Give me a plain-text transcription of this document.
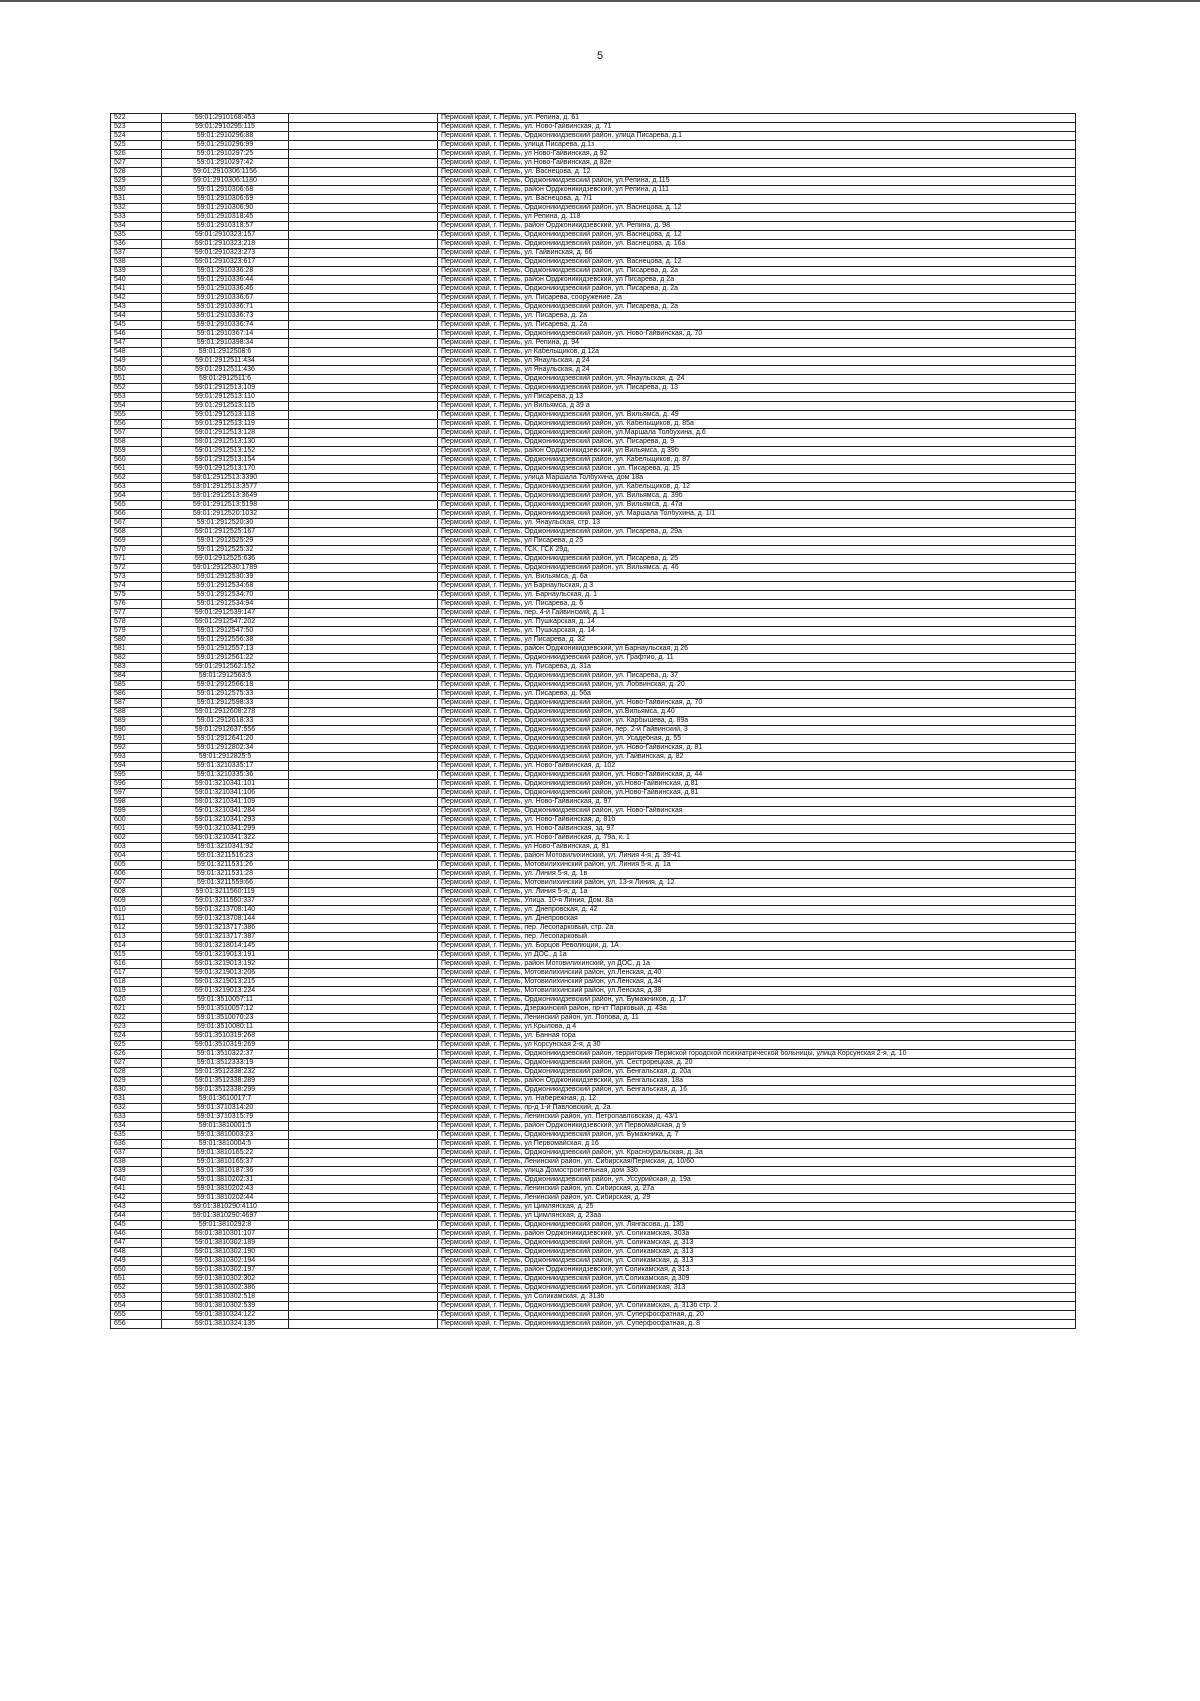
5
522	59:01:2910168:453		Пермский край, г. Пермь, ул. Репина, д. 61
523	59:01:2910295:115		Пермский край, г. Пермь, ул. Ново-Гайвинская, д. 71
524	59:01:2910296:88		Пермский край, г. Пермь, Орджоникидзевский район, улица Писарева, д.1
525	59:01:2910296:99		Пермский край, г. Пермь, улица Писарева, д.1з
526	59:01:2910297:25		Пермский край, г. Пермь, ул Ново-Гайвинская, д 92
527	59:01:2910297:42		Пермский край, г. Пермь, ул Ново-Гайвинская, д 82е
528	59:01:2910306:1156		Пермский край, г. Пермь, ул. Васнецова, д. 12
529	59:01:2910306:1180		Пермский край, г. Пермь, Орджоникидзевский район, ул.Репина, д.115
530	59:01:2910306:68		Пермский край, г. Пермь, район Орджоникидзевский, ул Репина, д 111
531	59:01:2910306:69		Пермский край, г. Пермь, ул. Васнецова, д. 7/1
532	59:01:2910306:90		Пермский край, г. Пермь, Орджоникидзевский район, ул. Васнецова, д. 12
533	59:01:2910318:45		Пермский край, г. Пермь, ул Репина, д. 118
534	59:01:2910318:57		Пермский край, г. Пермь, район Орджоникидзевский, ул. Репина, д. 98
535	59:01:2910323:157		Пермский край, г. Пермь, Орджоникидзевский район, ул. Васнецова, д. 12
536	59:01:2910323:218		Пермский край, г. Пермь, Орджоникидзевский район, ул. Васнецова, д. 16а
537	59:01:2910323:273		Пермский край, г. Пермь, ул. Гайвинская, д. 66
538	59:01:2910323:617		Пермский край, г. Пермь, Орджоникидзевский район, ул. Васнецова, д. 12
539	59:01:2910336:28		Пермский край, г. Пермь, Орджоникидзевский район, ул. Писарева, д. 2а
540	59:01:2910336:44		Пермский край, г. Пермь, район Орджоникидзевский, ул Писарева, д 2а
541	59:01:2910336:46		Пермский край, г. Пермь, Орджоникидзевский район, ул. Писарева, д. 2а
542	59:01:2910336:67		Пермский край, г. Пермь, ул. Писарева, сооружение. 2а
543	59:01:2910336:71		Пермский край, г. Пермь, Орджоникидзевский район, ул. Писарева, д. 2а
544	59:01:2910336:73		Пермский край, г. Пермь, ул. Писарева, д. 2а
545	59:01:2910336:74		Пермский край, г. Пермь, ул. Писарева, д. 2а
546	59:01:2910367:14		Пермский край, г. Пермь, Орджоникидзевский район, ул. Ново-Гайвинская, д. 70
547	59:01:2910398:34		Пермский край, г. Пермь, ул. Репина, д. 94
548	59:01:2912508:6		Пермский край, г. Пермь, ул Кабельщиков, д 12а
549	59:01:2912511:434		Пермский край, г. Пермь, ул Янаульская, д 24
550	59:01:2912511:436		Пермский край, г. Пермь, ул Янаульская, д 24
551	59:01:2912511:6		Пермский край, г. Пермь, Орджоникидзевский район, ул. Янаульская, д. 24
552	59:01:2912513:109		Пермский край, г. Пермь, Орджоникидзевский район, ул. Писарева, д. 13
553	59:01:2912513:110		Пермский край, г. Пермь, ул Писарева, д 13
554	59:01:2912513:115		Пермский край, г. Пермь, ул Вильямса, д 39 а
555	59:01:2912513:118		Пермский край, г. Пермь, Орджоникидзевский район, ул. Вильямса, д. 49
556	59:01:2912513:119		Пермский край, г. Пермь, Орджоникидзевский район, ул. Кабельщиков, д. 85а
557	59:01:2912513:128		Пермский край, г. Пермь, Орджоникидзевский район, ул.Маршала Толбухина, д.6
558	59:01:2912513:130		Пермский край, г. Пермь, Орджоникидзевский район, ул. Писарева, д. 9
559	59:01:2912513:152		Пермский край, г. Пермь, район Орджоникидзевский, ул Вильямса, д 39б
560	59:01:2912513:154		Пермский край, г. Пермь, Орджоникидзевский район, ул. Кабельщиков, д. 87
561	59:01:2912513:170		Пермский край, г. Пермь, Орджоникидзевский район , ул. Писарева, д. 15
562	59:01:2912513:3390		Пермский край, г. Пермь, улица Маршала Толбухина, дом 18а
563	59:01:2912513:3577		Пермский край, г. Пермь, Орджоникидзевский район, ул. Кабельщиков, д. 12
564	59:01:2912513:3649		Пермский край, г. Пермь, Орджоникидзевский район, ул. Вильямса, д. 39б
565	59:01:2912513:5198		Пермский край, г. Пермь, Орджоникидзевский район, ул. Вильямса, д. 47а
566	59:01:2912520:1032		Пермский край, г. Пермь, Орджоникидзевский район, ул. Маршала Толбухина, д. 1/1
567	59:01:2912520:30		Пермский край, г. Пермь, ул. Янаульская, стр. 13
568	59:01:2912525:167		Пермский край, г. Пермь, Орджоникидзевский район, ул. Писарева, д. 29а
569	59:01:2912525:29		Пермский край, г. Пермь, ул Писарева, д 25
570	59:01:2912525:32		Пермский край, г. Пермь, ГСК, ГСК 29д,
571	59:01:2912525:636		Пермский край, г. Пермь, Орджоникидзевский район, ул. Писарева, д. 25
572	59:01:2912530:1789		Пермский край, г. Пермь, Орджоникидзевский район, ул. Вильямса, д. 46
573	59:01:2912530:39		Пермский край, г. Пермь, ул. Вильямса, д. 6а
574	59:01:2912534:68		Пермский край, г. Пермь, ул Барнаульская, д 3
575	59:01:2912534:70		Пермский край, г. Пермь, ул. Барнаульская, д. 1
576	59:01:2912534:94		Пермский край, г. Пермь, ул. Писарева, д. 6
577	59:01:2912539:147		Пермский край, г. Пермь, пер. 4-й Гайвинский, д. 1
578	59:01:2912547:202		Пермский край, г. Пермь, ул. Пушкарская, д. 14
579	59:01:2912547:50		Пермский край, г. Пермь, ул. Пушкарская, д. 14
580	59:01:2912556:38		Пермский край, г. Пермь, ул Писарева, д. 32
581	59:01:2912557:13		Пермский край, г. Пермь, район Орджоникидзевский, ул Барнаульская, д 26
582	59:01:2912561:22		Пермский край, г. Пермь, Орджоникидзевский район, ул. Графтио, д. 11
583	59:01:2912562:152		Пермский край, г. Пермь, ул. Писарева, д. 31а
584	59:01:2912563:5		Пермский край, г. Пермь, Орджоникидзевский район, ул. Писарева, д. 37
585	59:01:2912566:18		Пермский край, г. Пермь, Орджоникидзевский район, ул. Лобвинская, д. 20
586	59:01:2912575:33		Пермский край, г. Пермь, ул. Писарева, д. 56а
587	59:01:2912598:33		Пермский край, г. Пермь, Орджоникидзевский район, ул. Ново-Гайвинская, д. 70
588	59:01:2912608:278		Пермский край, г. Пермь, Орджоникидзевский район, ул.Вильямса, д.40
589	59:01:2912618:33		Пермский край, г. Пермь, Орджоникидзевский район, ул. Карбышева, д. 89а
590	59:01:2912637:556		Пермский край, г. Пермь, Орджоникидзевский район, пер. 2-й Гайвинский, 3
591	59:01:2912641:20		Пермский край, г. Пермь, Орджоникидзевский район, ул. Усадебная, д. 55
592	59:01:2912802:34		Пермский край, г. Пермь, Орджоникидзевский район, ул. Ново-Гайвинская, д. 81
593	59:01:2912825:5		Пермский край, г. Пермь, Орджоникидзевский район, ул. Гайвинская, д. 82
594	59:01:3210335:17		Пермский край, г. Пермь, ул. Ново-Гайвинская, д. 102
595	59:01:3210335:36		Пермский край, г. Пермь, Орджоникидзевский район, ул. Ново-Гайвинская, д. 44
596	59:01:3210341:101		Пермский край, г. Пермь, Орджоникидзевский район, ул.Ново-Гайвинская, д.81
597	59:01:3210341:106		Пермский край, г. Пермь, Орджоникидзевский район, ул.Ново-Гайвинская, д.81
598	59:01:3210341:109		Пермский край, г. Пермь, ул. Ново-Гайвинская, д. 97
599	59:01:3210341:284		Пермский край, г. Пермь, Орджоникидзевский район, ул. Ново-Гайвинская
600	59:01:3210341:293		Пермский край, г. Пермь, ул. Ново-Гайвинская, д. 81б
601	59:01:3210341:299		Пермский край, г. Пермь, ул. Ново-Гайвинская, зд. 97
602	59:01:3210341:322		Пермский край, г. Пермь, ул. Ново-Гайвинская, д. 79а, к. 1
603	59:01:3210341:92		Пермский край, г. Пермь, ул Ново-Гайвинская, д. 81
604	59:01:3211516:23		Пермский край, г. Пермь, район Мотовилихинский, ул. Линия 4-я, д. 39-41
605	59:01:3211531:26		Пермский край, г. Пермь, Мотовилихинский район, ул. Линия 5-я, д. 1а
606	59:01:3211531:28		Пермский край, г. Пермь, ул. Линия 5-я, д. 1в
607	59:01:3211559:66		Пермский край, г. Пермь, Мотовилихинский район, ул. 13-я Линия, д. 12
608	59:01:3211560:119		Пермский край, г. Пермь, ул. Линия 5-я, д. 1а
609	59:01:3211560:337		Пермский край, г. Пермь, Улица. 10-я Линия, Дом. 8а
610	59:01:3213708:140		Пермский край, г. Пермь, ул. Днепровская, д. 42
611	59:01:3213708:144		Пермский край, г. Пермь, ул. Днепровская
612	59:01:3213717:386		Пермский край, г. Пермь, пер. Лесопарковый, стр. 2а
613	59:01:3213717:387		Пермский край, г. Пермь, пер. Лесопарковый
614	59:01:3218014:145		Пермский край, г. Пермь, ул. Борцов Революции, д. 1А
615	59:01:3219013:191		Пермский край, г. Пермь, ул ДОС, д 1а
616	59:01:3219013:192		Пермский край, г. Пермь, район Мотовилихинский, ул ДОС, д 1а
617	59:01:3219013:206		Пермский край, г. Пермь, Мотовилихинский район, ул.Ленская, д.40
618	59:01:3219013:215		Пермский край, г. Пермь, Мотовилихинский район, ул.Ленская, д.34
619	59:01:3219013:224		Пермский край, г. Пермь, Мотовилихинский район, ул.Ленская, д.38
620	59:01:3510057:11		Пермский край, г. Пермь, Орджоникидзевский район, ул. Бумажников, д. 17
621	59:01:3510057:12		Пермский край, г. Пермь, Дзержинский район, пр-кт Парковый, д. 43а
622	59:01:3510070:23		Пермский край, г. Пермь, Ленинский район, ул. Попова, д. 11
623	59:01:3510080:11		Пермский край, г. Пермь, ул Крылова, д 4
624	59:01:3510319:268		Пермский край, г. Пермь, ул. Банная гора
625	59:01:3510319:269		Пермский край, г. Пермь, ул Корсунская 2-я, д 30
626	59:01:3510322:37		Пермский край, г. Пермь, Орджоникидзевский район, территория Пермской городской психиатрической больницы, улица Корсунская 2-я, д. 10
627	59:01:3512333:19		Пермский край, г. Пермь, Орджоникидзевский район, ул. Сестрорецкая, д. 20
628	59:01:3512338:232		Пермский край, г. Пермь, Орджоникидзевский район, ул. Бенгальская, д. 20а
629	59:01:3512338:289		Пермский край, г. Пермь, район Орджоникидзевский, ул. Бенгальская, 18а
630	59:01:3512338:299		Пермский край, г. Пермь, Орджоникидзевский район, ул. Бенгальская, д. 16
631	59:01:3610017:7		Пермский край, г. Пермь, ул. Набережная, д. 12
632	59:01:3710314:20		Пермский край, г. Пермь, пр-д 1-й Павловский, д. 2а
633	59:01:3710315:79		Пермский край, г. Пермь, Ленинский район, ул. Петропавловская, д. 43/1
634	59:01:3810001:5		Пермский край, г. Пермь, район Орджоникидзевский, ул Первомайская, д 9
635	59:01:3810003:23		Пермский край, г. Пермь, Орджоникидзевский район, ул. Бумажника, д. 7
636	59:01:3810004:5		Пермский край, г. Пермь, ул Первомайская, д 16
637	59:01:3810165:22		Пермский край, г. Пермь, Орджоникидзевский район, ул. Красноуральская, д. 3а
638	59:01:3810165:37		Пермский край, г. Пермь, Ленинский район, ул. Сибирская/Пермская, д. 10/60
639	59:01:3810187:36		Пермский край, г. Пермь, улица Домостроительная, дом 33б
640	59:01:3810202:31		Пермский край, г. Пермь, Орджоникидзевский район, ул. Уссурийская, д. 19а
641	59:01:3810202:43		Пермский край, г. Пермь, Ленинский район, ул. Сибирская, д. 27а
642	59:01:3810202:44		Пермский край, г. Пермь, Ленинский район, ул. Сибирская, д. 29
643	59:01:3810290:4110		Пермский край, г. Пермь, ул Цимлянская, д. 25
644	59:01:3810290:4697		Пермский край, г. Пермь, ул Цимлянская, д. 23аа
645	59:01:3810292:8		Пермский край, г. Пермь, Орджоникидзевский район, ул. Лянгасова, д. 135
646	59:01:3810301:107		Пермский край, г. Пермь, район Орджоникидзевский, ул. Соликамская, 303а
647	59:01:3810302:189		Пермский край, г. Пермь, Орджоникидзевский район, ул. Соликамская, д. 313
648	59:01:3810302:190		Пермский край, г. Пермь, Орджоникидзевский район, ул. Соликамская, д. 313
649	59:01:3810302:194		Пермский край, г. Пермь, Орджоникидзевский район, ул. Соликамская, д. 313
650	59:01:3810302:197		Пермский край, г. Пермь, район Орджоникидзевский, ул Соликамская, д 313
651	59:01:3810302:302		Пермский край, г. Пермь, Орджоникидзевский район, ул.Соликамская, д.309
652	59:01:3810302:386		Пермский край, г. Пермь, Орджоникидзевский район, ул. Соликамская, 313
653	59:01:3810302:518		Пермский край, г. Пермь, ул Соликамская, д. 313б
654	59:01:3810302:539		Пермский край, г. Пермь, Орджоникидзевский район, ул. Соликамская, д. 313б стр. 2
655	59:01:3810324:122		Пермский край, г. Пермь, Орджоникидзевский район, ул. Суперфосфатная, д. 20
656	59:01:3810324:135		Пермский край, г. Пермь, Орджоникидзевский район, ул. Суперфосфатная, д. 8
